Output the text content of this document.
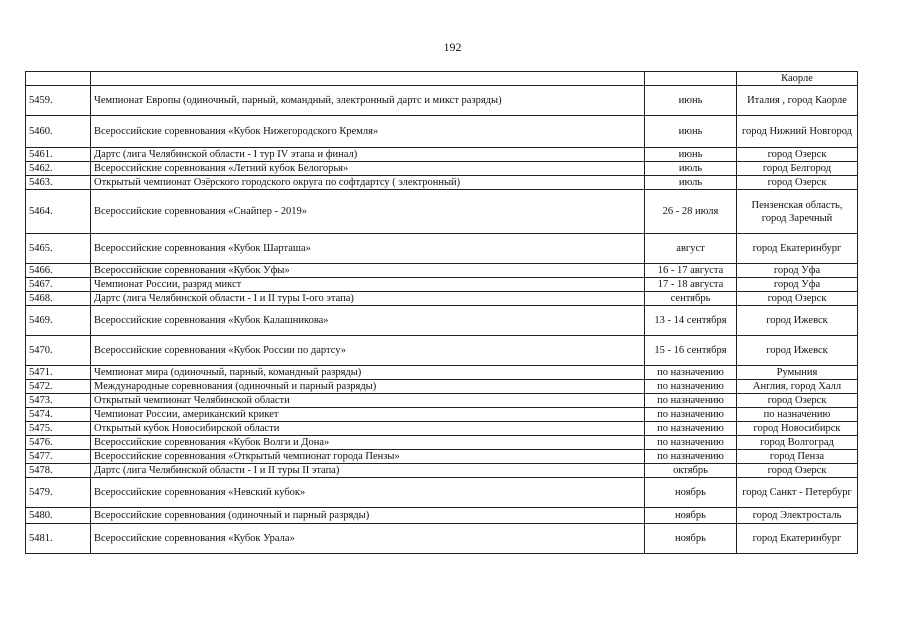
192
			Каорле
5459.	Чемпионат Европы (одиночный, парный, командный, электронный дартс и микст разряды)	июнь	Италия , город Каорле
5460.	Всероссийские соревнования «Кубок Нижегородского Кремля»	июнь	город Нижний Новгород
5461.	Дартс (лига Челябинской области - I тур IV этапа и финал)	июнь	город Озерск
5462.	Всероссийские соревнования «Летний кубок Белогорья»	июль	город Белгород
5463.	Открытый чемпионат Озёрского городского округа по софтдартсу ( электронный)	июль	город Озерск
5464.	Всероссийские соревнования «Снайпер - 2019»	26 - 28 июля	Пензенская область, город Заречный
5465.	Всероссийские соревнования «Кубок Шарташа»	август	город Екатеринбург
5466.	Всероссийские соревнования «Кубок Уфы»	16 - 17 августа	город Уфа
5467.	Чемпионат России, разряд микст	17 - 18 августа	город Уфа
5468.	Дартс (лига Челябинской области - I и II туры I-ого этапа)	сентябрь	город Озерск
5469.	Всероссийские соревнования «Кубок Калашникова»	13 - 14 сентября	город Ижевск
5470.	Всероссийские соревнования «Кубок России по дартсу»	15 - 16 сентября	город Ижевск
5471.	Чемпионат мира (одиночный, парный, командный разряды)	по назначению	Румыния
5472.	Международные соревнования (одиночный и парный разряды)	по назначению	Англия, город Халл
5473.	Открытый чемпионат Челябинской области	по назначению	город Озерск
5474.	Чемпионат России, американский крикет	по назначению	по назначению
5475.	Открытый кубок Новосибирской области	по назначению	город Новосибирск
5476.	Всероссийские соревнования «Кубок Волги и Дона»	по назначению	город Волгоград
5477.	Всероссийские соревнования «Открытый чемпионат города Пензы»	по назначению	город Пенза
5478.	Дартс (лига Челябинской области - I и II туры II этапа)	октябрь	город Озерск
5479.	Всероссийские соревнования «Невский кубок»	ноябрь	город Санкт - Петербург
5480.	Всероссийские соревнования (одиночный и парный разряды)	ноябрь	город Электросталь
5481.	Всероссийские соревнования «Кубок Урала»	ноябрь	город Екатеринбург
